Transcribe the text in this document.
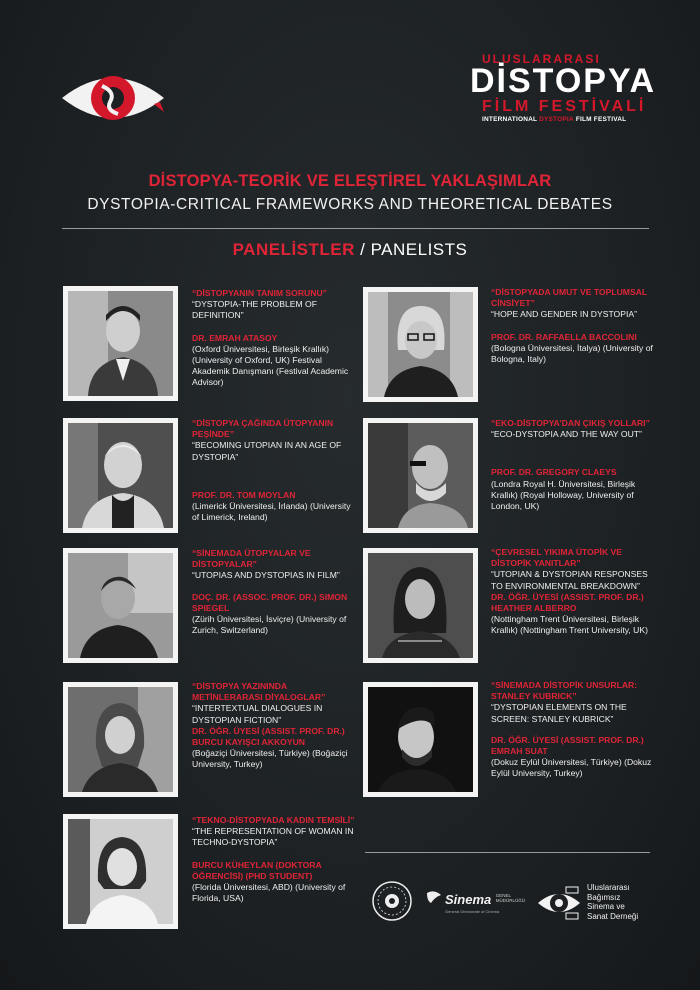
ULUSLARARASI
DİSTOPYA
FİLM FESTİVALİ
INTERNATIONAL DYSTOPIA FILM FESTIVAL
DİSTOPYA-TEORİK VE ELEŞTİREL YAKLAŞIMLAR
DYSTOPIA-CRITICAL FRAMEWORKS AND THEORETICAL DEBATES
PANELİSTLER / PANELISTS
“DİSTOPYANIN TANIM SORUNU”
“DYSTOPIA-THE PROBLEM OF DEFINITION”
DR. EMRAH ATASOY
(Oxford Üniversitesi, Birleşik Krallık) (University of Oxford, UK) Festival Akademik Danışmanı (Festival Academic Advisor)
“DİSTOPYA ÇAĞINDA ÜTOPYANIN PEŞİNDE”
“BECOMING UTOPIAN IN AN AGE OF DYSTOPIA”
PROF. DR. TOM MOYLAN
(Limerick Üniversitesi, İrlanda) (University of Limerick, Ireland)
“SİNEMADA ÜTOPYALAR VE DİSTOPYALAR”
“UTOPIAS AND DYSTOPIAS IN FILM”
DOÇ. DR. (ASSOC. PROF. DR.) SIMON SPIEGEL
(Zürih Üniversitesi, İsviçre) (University of Zurich, Switzerland)
“DİSTOPYA YAZININDA METİNLERARASI DİYALOGLAR”
“INTERTEXTUAL DIALOGUES IN DYSTOPIAN FICTION”
DR. ÖĞR. ÜYESİ (ASSIST. PROF. DR.) BURCU KAYIŞCI AKKOYUN
(Boğaziçi Üniversitesi, Türkiye) (Boğaziçi University, Turkey)
“TEKNO-DİSTOPYADA KADIN TEMSİLİ”
“THE REPRESENTATION OF WOMAN IN TECHNO-DYSTOPIA”
BURCU KÜHEYLAN (DOKTORA ÖĞRENCİSİ) (PHD STUDENT)
(Florida Üniversitesi, ABD) (University of Florida, USA)
“DİSTOPYADA UMUT VE TOPLUMSAL CİNSİYET”
“HOPE AND GENDER IN DYSTOPIA”
PROF. DR. RAFFAELLA BACCOLINI
(Bologna Üniversitesi, İtalya) (University of Bologna, Italy)
“EKO-DİSTOPYA’DAN ÇIKIŞ YOLLARI”
“ECO-DYSTOPIA AND THE WAY OUT”
PROF. DR. GREGORY CLAEYS
(Londra Royal H. Üniversitesi, Birleşik Krallık) (Royal Holloway, University of London, UK)
“ÇEVRESEL YIKIMA ÜTOPİK VE DİSTOPİK YANITLAR”
“UTOPIAN & DYSTOPIAN RESPONSES TO ENVIRONMENTAL BREAKDOWN”
DR. ÖĞR. ÜYESİ (ASSIST. PROF. DR.) HEATHER ALBERRO
(Nottingham Trent Üniversitesi, Birleşik Krallık) (Nottingham Trent University, UK)
“SİNEMADA DİSTOPİK UNSURLAR: STANLEY KUBRICK”
“DYSTOPIAN ELEMENTS ON THE SCREEN: STANLEY KUBRICK”
DR. ÖĞR. ÜYESİ (ASSIST. PROF. DR.) EMRAH SUAT
(Dokuz Eylül Üniversitesi, Türkiye) (Dokuz Eylül University, Turkey)
Sinema GENEL MÜDÜRLÜĞÜ
General Directorate of Cinema
Uluslararası
Bağımsız
Sinema ve
Sanat Derneği
